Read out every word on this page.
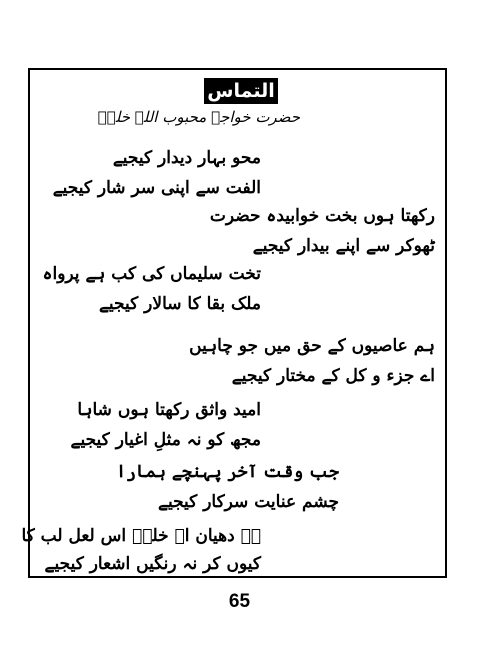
التماس
حضرت خواجہ محبوب اللہ خلقؔ
محو بہار دیدار کیجیے
الفت سے اپنی سر شار کیجیے
رکھتا ہوں بخت خوابیدہ حضرت
ٹھوکر سے اپنے بیدار کیجیے
تخت سلیماں کی کب ہے پرواہ
ملک بقا کا سالار کیجیے
ہم عاصیوں کے حق میں جو چاہیں
اے جزء و کل کے مختار کیجیے
امید واثق رکھتا ہوں شاہا
مجھ کو نہ مثلِ اغیار کیجیے
جب وقت آخر پہنچے ہمارا
چشم عنایت سرکار کیجیے
ہے دھیان اے خلقؔ اس لعل لب کا
کیوں کر نہ رنگیں اشعار کیجیے
65
